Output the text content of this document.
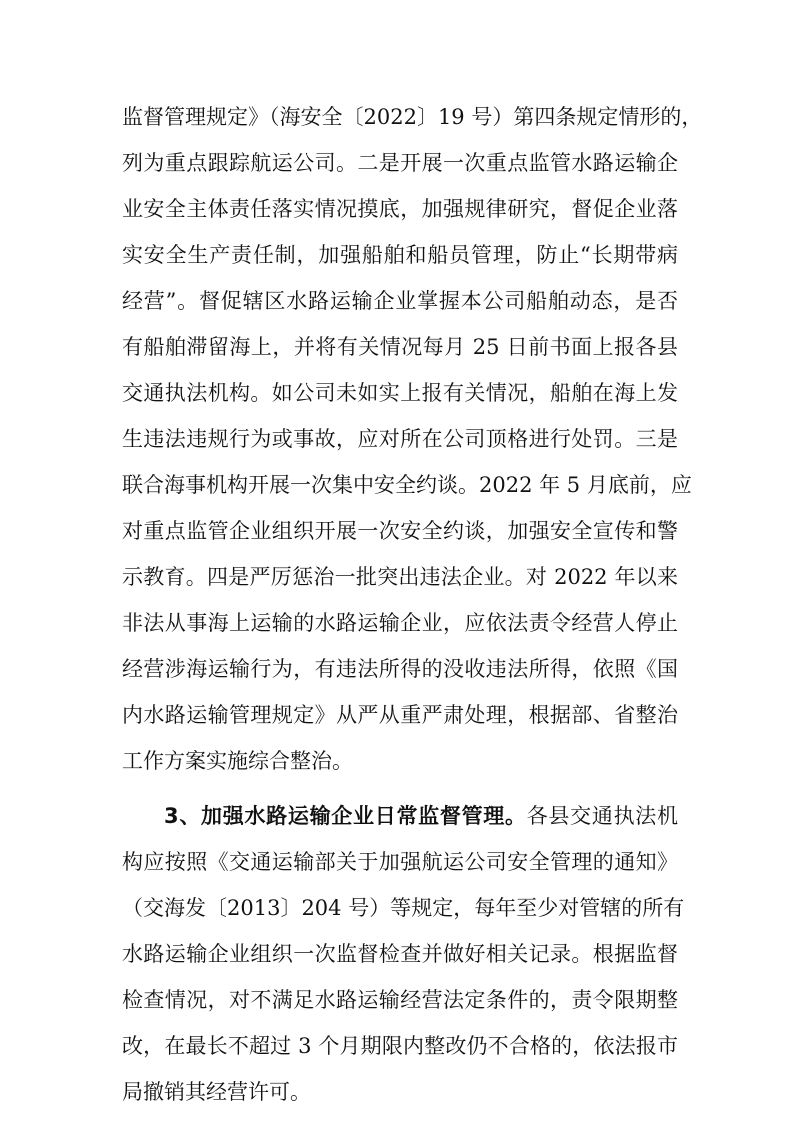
监督管理规定》（海安全〔2022〕19 号）第四条规定情形的，
列为重点跟踪航运公司。二是开展一次重点监管水路运输企
业安全主体责任落实情况摸底，加强规律研究，督促企业落
实安全生产责任制，加强船舶和船员管理，防止“长期带病
经营”。督促辖区水路运输企业掌握本公司船舶动态，是否
有船舶滞留海上，并将有关情况每月 25 日前书面上报各县
交通执法机构。如公司未如实上报有关情况，船舶在海上发
生违法违规行为或事故，应对所在公司顶格进行处罚。三是
联合海事机构开展一次集中安全约谈。2022 年 5 月底前，应
对重点监管企业组织开展一次安全约谈，加强安全宣传和警
示教育。四是严厉惩治一批突出违法企业。对 2022 年以来
非法从事海上运输的水路运输企业，应依法责令经营人停止
经营涉海运输行为，有违法所得的没收违法所得，依照《国
内水路运输管理规定》从严从重严肃处理，根据部、省整治
工作方案实施综合整治。
3、加强水路运输企业日常监督管理。各县交通执法机
构应按照《交通运输部关于加强航运公司安全管理的通知》
（交海发〔2013〕204 号）等规定，每年至少对管辖的所有
水路运输企业组织一次监督检查并做好相关记录。根据监督
检查情况，对不满足水路运输经营法定条件的，责令限期整
改，在最长不超过 3 个月期限内整改仍不合格的，依法报市
局撤销其经营许可。
